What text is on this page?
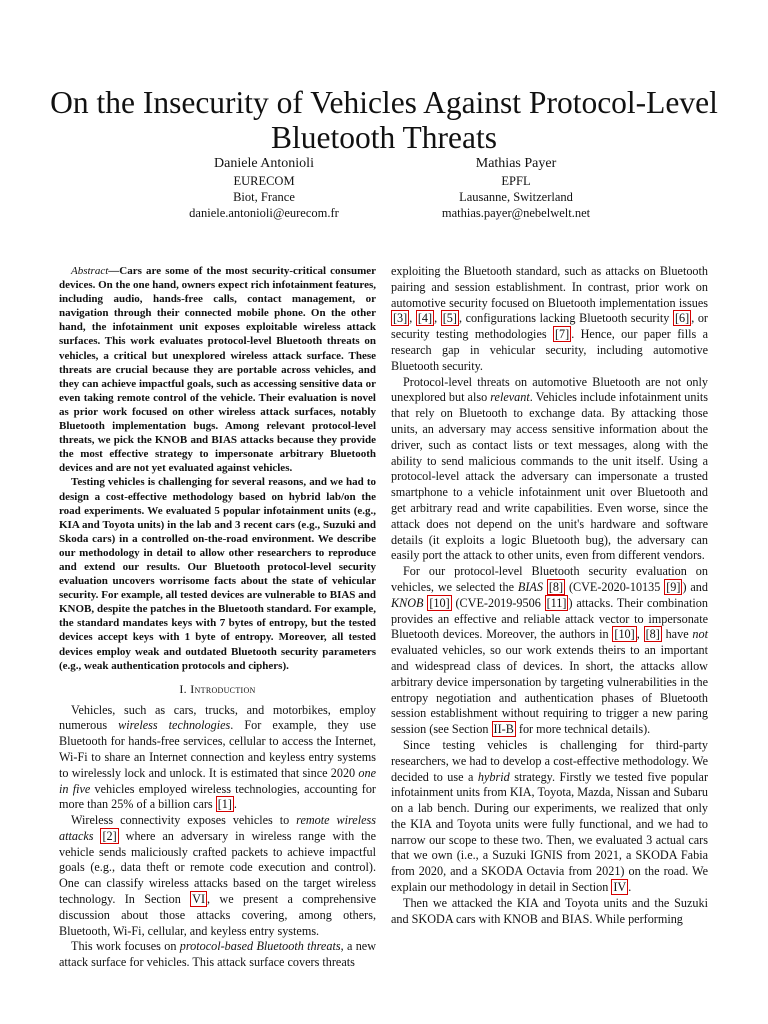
On the Insecurity of Vehicles Against Protocol-Level Bluetooth Threats
Daniele Antonioli
EURECOM
Biot, France
daniele.antonioli@eurecom.fr
Mathias Payer
EPFL
Lausanne, Switzerland
mathias.payer@nebelwelt.net

Abstract—Cars are some of the most security-critical consumer devices. On the one hand, owners expect rich infotainment features, including audio, hands-free calls, contact management, or navigation through their connected mobile phone. On the other hand, the infotainment unit exposes exploitable wireless attack surfaces. This work evaluates protocol-level Bluetooth threats on vehicles, a critical but unexplored wireless attack surface. These threats are crucial because they are portable across vehicles, and they can achieve impactful goals, such as accessing sensitive data or even taking remote control of the vehicle. Their evaluation is novel as prior work focused on other wireless attack surfaces, notably Bluetooth implementation bugs. Among relevant protocol-level threats, we pick the KNOB and BIAS attacks because they provide the most effective strategy to impersonate arbitrary Bluetooth devices and are not yet evaluated against vehicles.

Testing vehicles is challenging for several reasons, and we had to design a cost-effective methodology based on hybrid lab/on the road experiments. We evaluated 5 popular infotainment units (e.g., KIA and Toyota units) in the lab and 3 recent cars (e.g., Suzuki and Skoda cars) in a controlled on-the-road environment. We describe our methodology in detail to allow other researchers to reproduce and extend our results. Our Bluetooth protocol-level security evaluation uncovers worrisome facts about the state of vehicular security. For example, all tested devices are vulnerable to BIAS and KNOB, despite the patches in the Bluetooth standard. For example, the standard mandates keys with 7 bytes of entropy, but the tested devices accept keys with 1 byte of entropy. Moreover, all tested devices employ weak and outdated Bluetooth security parameters (e.g., weak authentication protocols and ciphers).

I. Introduction

Vehicles, such as cars, trucks, and motorbikes, employ numerous wireless technologies. For example, they use Bluetooth for hands-free services, cellular to access the Internet, Wi-Fi to share an Internet connection and keyless entry systems to wirelessly lock and unlock. It is estimated that since 2020 one in five vehicles employed wireless technologies, accounting for more than 25% of a billion cars [1] .

Wireless connectivity exposes vehicles to remote wireless attacks [2] where an adversary in wireless range with the vehicle sends maliciously crafted packets to achieve impactful goals (e.g., data theft or remote code execution and control). One can classify wireless attacks based on the target wireless technology. In Section VI , we present a comprehensive discussion about those attacks covering, among others, Bluetooth, Wi-Fi, cellular, and keyless entry systems.

This work focuses on protocol-based Bluetooth threats, a new attack surface for vehicles. This attack surface covers threats

exploiting the Bluetooth standard, such as attacks on Bluetooth pairing and session establishment. In contrast, prior work on automotive security focused on Bluetooth implementation issues [3] , [4] , [5] , configurations lacking Bluetooth security [6] , or security testing methodologies [7] . Hence, our paper fills a research gap in vehicular security, including automotive Bluetooth security.

Protocol-level threats on automotive Bluetooth are not only unexplored but also relevant. Vehicles include infotainment units that rely on Bluetooth to exchange data. By attacking those units, an adversary may access sensitive information about the driver, such as contact lists or text messages, along with the ability to send malicious commands to the unit itself. Using a protocol-level attack the adversary can impersonate a trusted smartphone to a vehicle infotainment unit over Bluetooth and get arbitrary read and write capabilities. Even worse, since the attack does not depend on the unit's hardware and software details (it exploits a logic Bluetooth bug), the adversary can easily port the attack to other units, even from different vendors.

For our protocol-level Bluetooth security evaluation on vehicles, we selected the BIAS [8] (CVE-2020-10135 [9] ) and KNOB [10] (CVE-2019-9506 [11] ) attacks. Their combination provides an effective and reliable attack vector to impersonate Bluetooth devices. Moreover, the authors in [10] , [8] have not evaluated vehicles, so our work extends theirs to an important and widespread class of devices. In short, the attacks allow arbitrary device impersonation by targeting vulnerabilities in the entropy negotiation and authentication phases of Bluetooth session establishment without requiring to trigger a new paring session (see Section II-B for more technical details).

Since testing vehicles is challenging for third-party researchers, we had to develop a cost-effective methodology. We decided to use a hybrid strategy. Firstly we tested five popular infotainment units from KIA, Toyota, Mazda, Nissan and Subaru on a lab bench. During our experiments, we realized that only the KIA and Toyota units were fully functional, and we had to narrow our scope to these two. Then, we evaluated 3 actual cars that we own (i.e., a Suzuki IGNIS from 2021, a SKODA Fabia from 2020, and a SKODA Octavia from 2021) on the road. We explain our methodology in detail in Section IV .

Then we attacked the KIA and Toyota units and the Suzuki and SKODA cars with KNOB and BIAS. While performing
